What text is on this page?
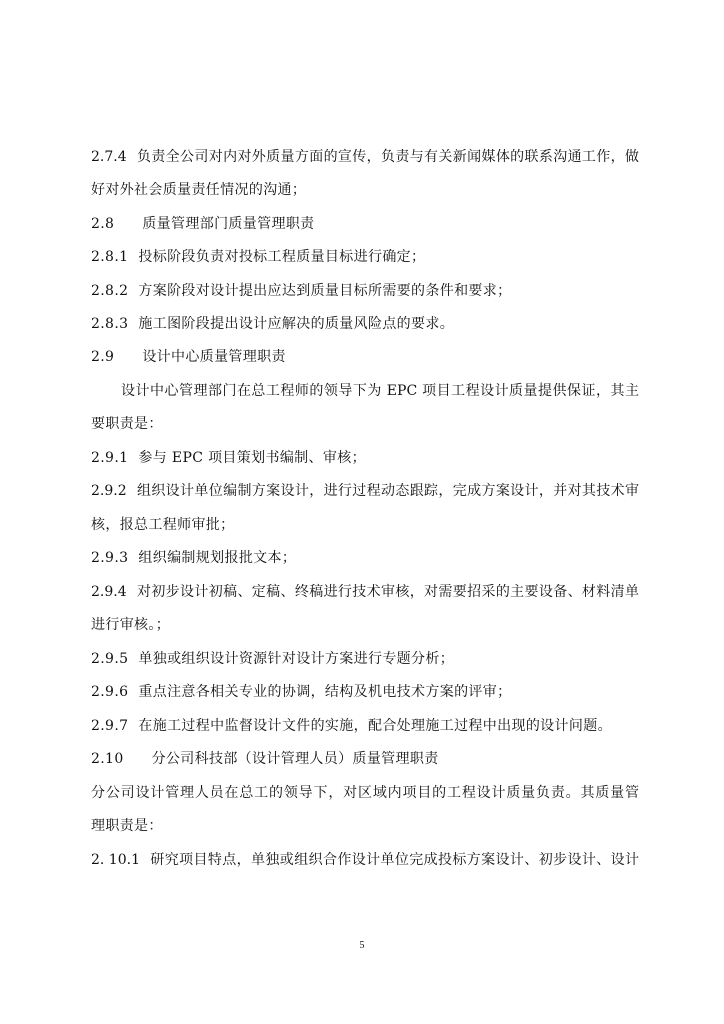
2.7.4 负责全公司对内对外质量方面的宣传，负责与有关新闻媒体的联系沟通工作，做
好对外社会质量责任情况的沟通；
2.8 质量管理部门质量管理职责
2.8.1 投标阶段负责对投标工程质量目标进行确定；
2.8.2 方案阶段对设计提出应达到质量目标所需要的条件和要求；
2.8.3 施工图阶段提出设计应解决的质量风险点的要求。
2.9 设计中心质量管理职责
设计中心管理部门在总工程师的领导下为 EPC 项目工程设计质量提供保证，其主
要职责是：
2.9.1 参与 EPC 项目策划书编制、审核；
2.9.2 组织设计单位编制方案设计，进行过程动态跟踪，完成方案设计，并对其技术审
核，报总工程师审批；
2.9.3 组织编制规划报批文本；
2.9.4 对初步设计初稿、定稿、终稿进行技术审核，对需要招采的主要设备、材料清单
进行审核。；
2.9.5 单独或组织设计资源针对设计方案进行专题分析；
2.9.6 重点注意各相关专业的协调，结构及机电技术方案的评审；
2.9.7 在施工过程中监督设计文件的实施，配合处理施工过程中出现的设计问题。
2.10 分公司科技部（设计管理人员）质量管理职责
分公司设计管理人员在总工的领导下，对区域内项目的工程设计质量负责。其质量管
理职责是：
2. 10.1 研究项目特点，单独或组织合作设计单位完成投标方案设计、初步设计、设计
5
